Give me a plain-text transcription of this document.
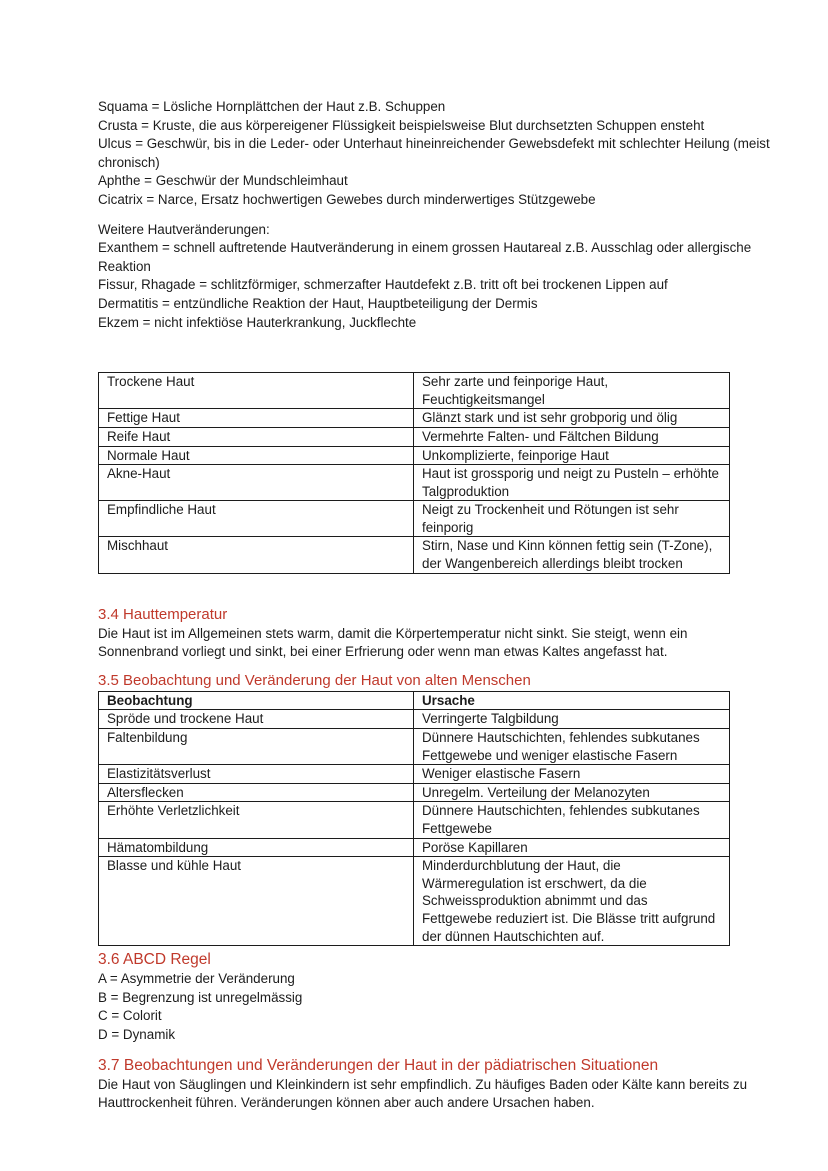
Squama = Lösliche Hornplättchen der Haut z.B. Schuppen
Crusta = Kruste, die aus körpereigener Flüssigkeit beispielsweise Blut durchsetzten Schuppen ensteht
Ulcus = Geschwür, bis in die Leder- oder Unterhaut hineinreichender Gewebsdefekt mit schlechter Heilung (meist
chronisch)
Aphthe = Geschwür der Mundschleimhaut
Cicatrix = Narce, Ersatz hochwertigen Gewebes durch minderwertiges Stützgewebe
Weitere Hautveränderungen:
Exanthem = schnell auftretende Hautveränderung in einem grossen Hautareal z.B. Ausschlag oder allergische
Reaktion
Fissur, Rhagade = schlitzförmiger, schmerzafter Hautdefekt z.B. tritt oft bei trockenen Lippen auf
Dermatitis = entzündliche Reaktion der Haut, Hauptbeteiligung der Dermis
Ekzem = nicht infektiöse Hauterkrankung, Juckflechte
Trockene Haut	Sehr zarte und feinporige Haut, Feuchtigkeitsmangel
Fettige Haut	Glänzt stark und ist sehr grobporig und ölig
Reife Haut	Vermehrte Falten- und Fältchen Bildung
Normale Haut	Unkomplizierte, feinporige Haut
Akne-Haut	Haut ist grossporig und neigt zu Pusteln – erhöhte Talgproduktion
Empfindliche Haut	Neigt zu Trockenheit und Rötungen ist sehr feinporig
Mischhaut	Stirn, Nase und Kinn können fettig sein (T-Zone), der Wangenbereich allerdings bleibt trocken
3.4 Hauttemperatur
Die Haut ist im Allgemeinen stets warm, damit die Körpertemperatur nicht sinkt. Sie steigt, wenn ein
Sonnenbrand vorliegt und sinkt, bei einer Erfrierung oder wenn man etwas Kaltes angefasst hat.
3.5 Beobachtung und Veränderung der Haut von alten Menschen
Beobachtung	Ursache
Spröde und trockene Haut	Verringerte Talgbildung
Faltenbildung	Dünnere Hautschichten, fehlendes subkutanes Fettgewebe und weniger elastische Fasern
Elastizitätsverlust	Weniger elastische Fasern
Altersflecken	Unregelm. Verteilung der Melanozyten
Erhöhte Verletzlichkeit	Dünnere Hautschichten, fehlendes subkutanes Fettgewebe
Hämatombildung	Poröse Kapillaren
Blasse und kühle Haut	Minderdurchblutung der Haut, die Wärmeregulation ist erschwert, da die Schweissproduktion abnimmt und das Fettgewebe reduziert ist. Die Blässe tritt aufgrund der dünnen Hautschichten auf.
3.6 ABCD Regel
A = Asymmetrie der Veränderung
B = Begrenzung ist unregelmässig
C = Colorit
D = Dynamik
3.7 Beobachtungen und Veränderungen der Haut in der pädiatrischen Situationen
Die Haut von Säuglingen und Kleinkindern ist sehr empfindlich. Zu häufiges Baden oder Kälte kann bereits zu
Hauttrockenheit führen. Veränderungen können aber auch andere Ursachen haben.
